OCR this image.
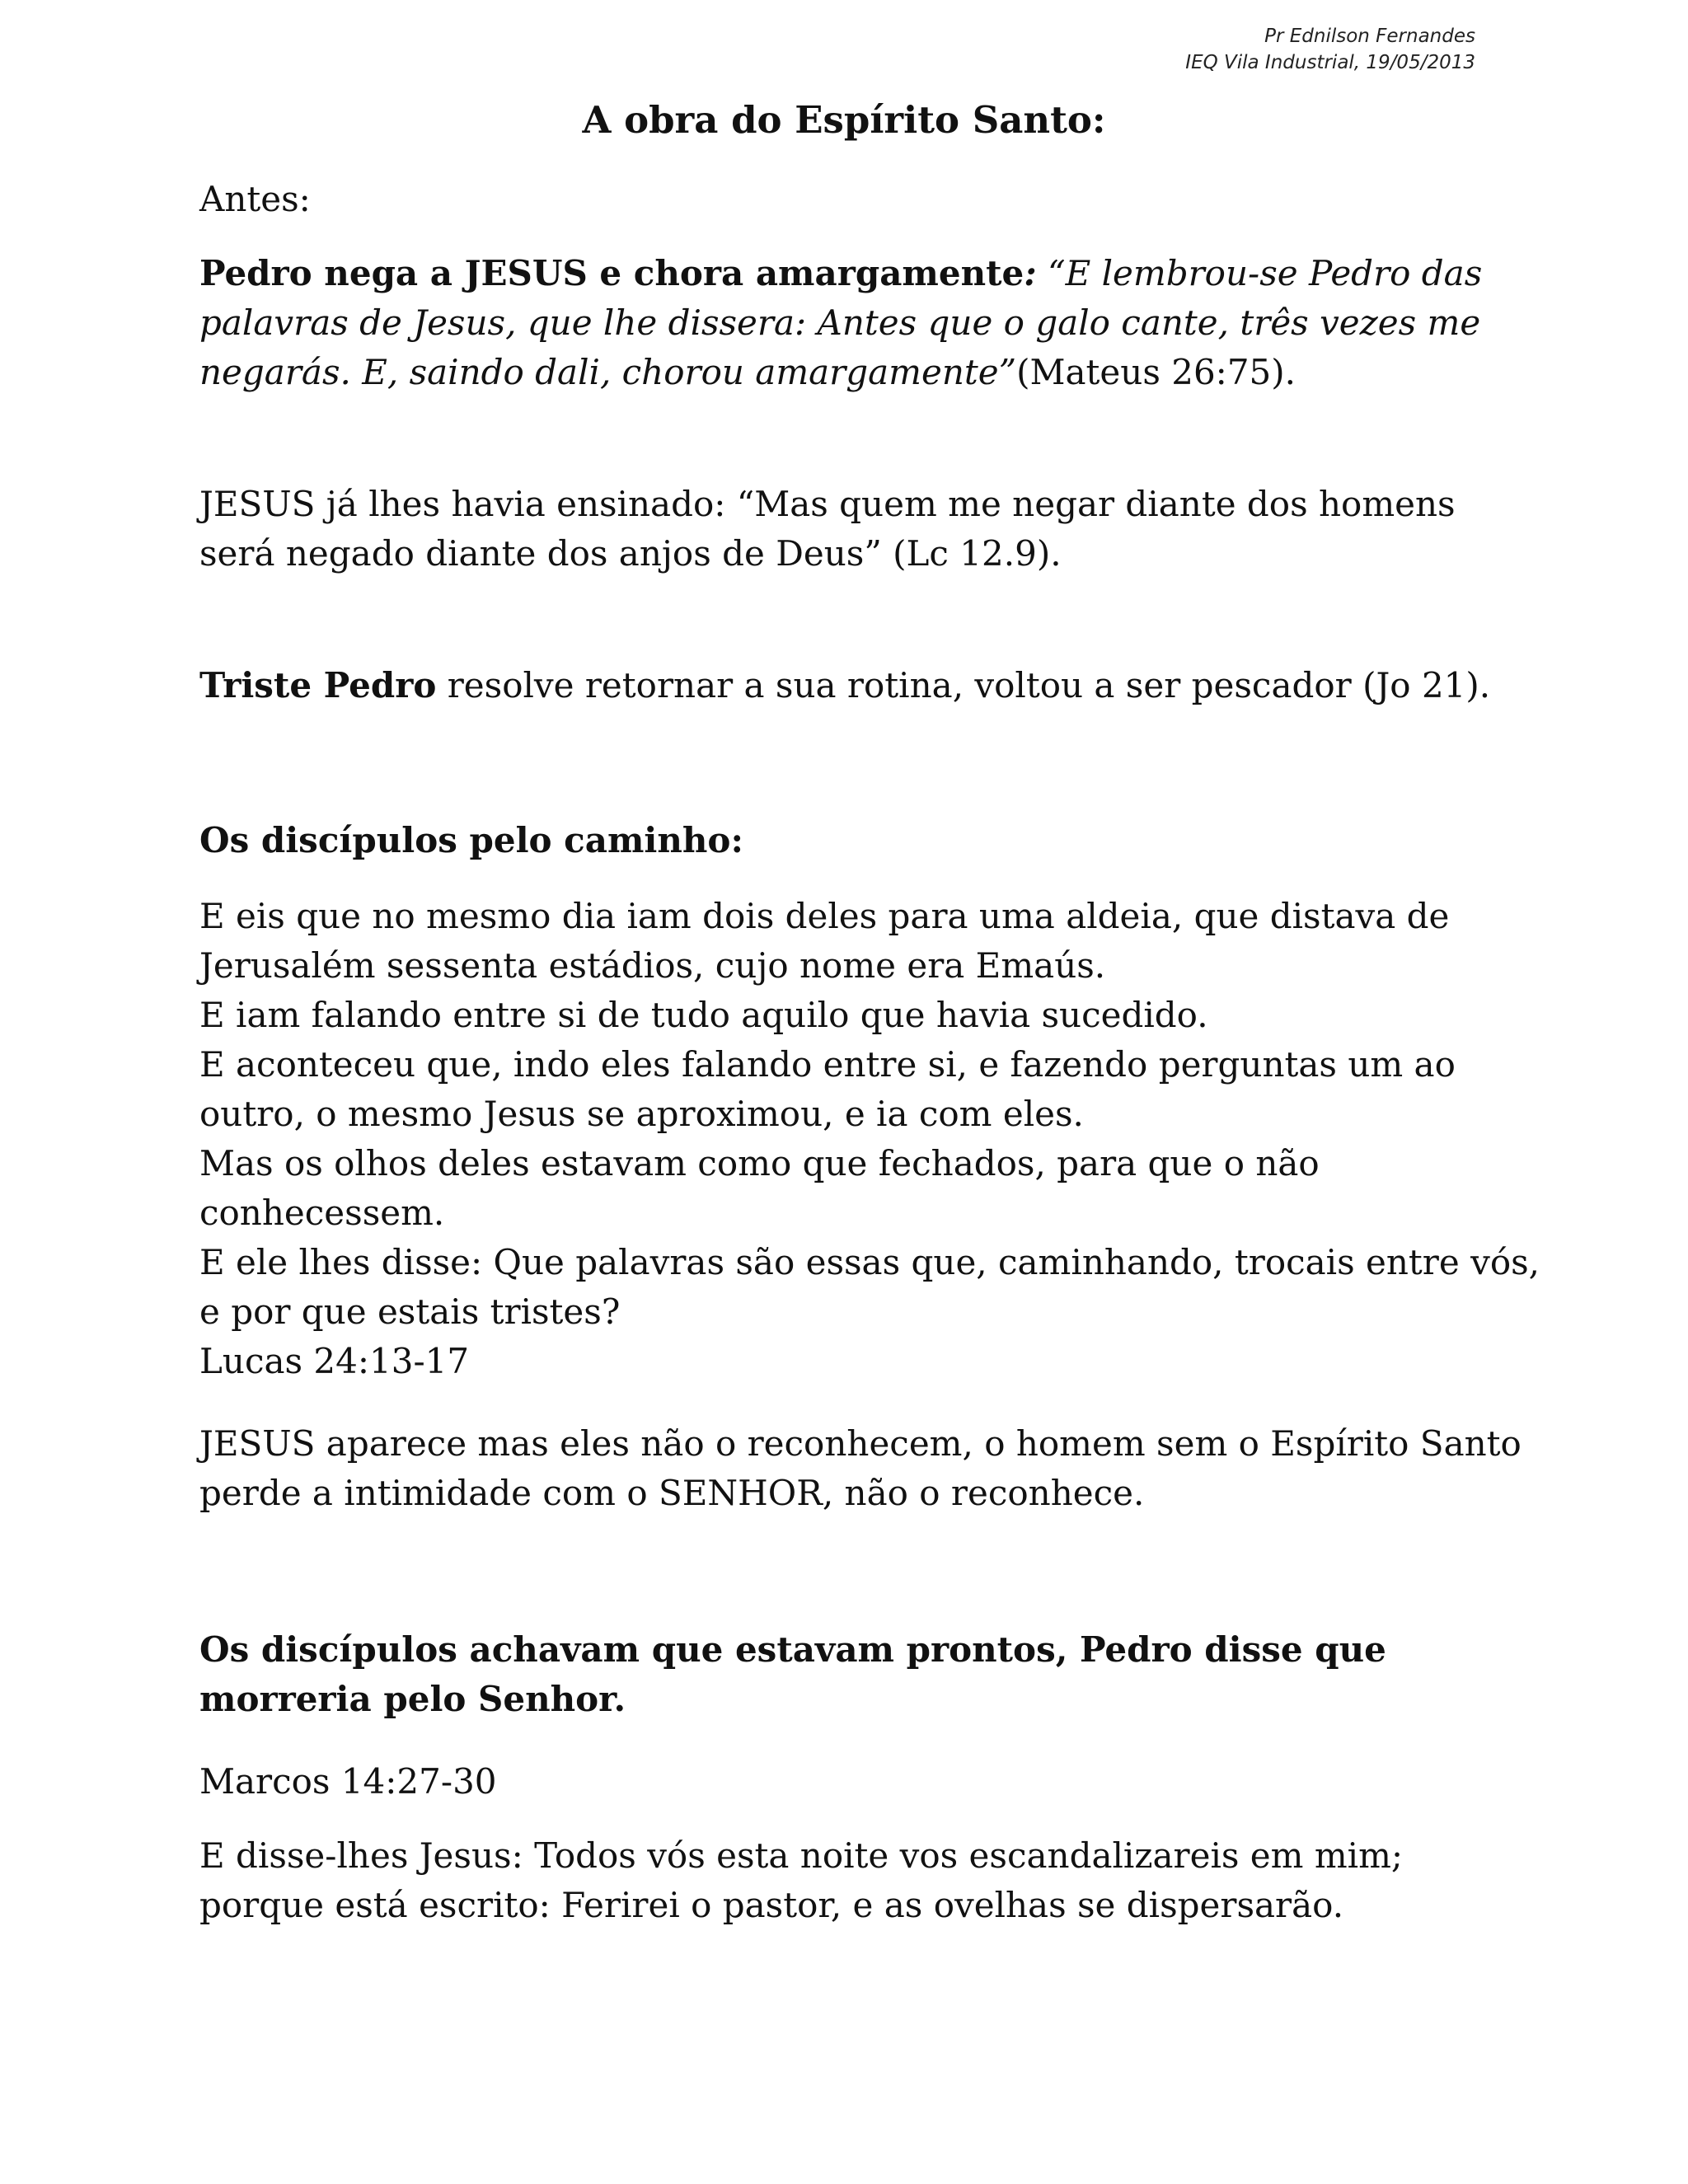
Pr Ednilson Fernandes
IEQ Vila Industrial, 19/05/2013
A obra do Espírito Santo:

Antes:

Pedro nega a JESUS e chora amargamente: “E lembrou-se Pedro das

palavras de Jesus, que lhe dissera: Antes que o galo cante, três vezes me

negarás. E, saindo dali, chorou amargamente”(Mateus 26:75).

JESUS já lhes havia ensinado: “Mas quem me negar diante dos homens

será negado diante dos anjos de Deus” (Lc 12.9).

Triste Pedro resolve retornar a sua rotina, voltou a ser pescador (Jo 21).

Os discípulos pelo caminho:

E eis que no mesmo dia iam dois deles para uma aldeia, que distava de

Jerusalém sessenta estádios, cujo nome era Emaús.

E iam falando entre si de tudo aquilo que havia sucedido.

E aconteceu que, indo eles falando entre si, e fazendo perguntas um ao

outro, o mesmo Jesus se aproximou, e ia com eles.

Mas os olhos deles estavam como que fechados, para que o não

conhecessem.

E ele lhes disse: Que palavras são essas que, caminhando, trocais entre vós,

e por que estais tristes?

Lucas 24:13-17

JESUS aparece mas eles não o reconhecem, o homem sem o Espírito Santo

perde a intimidade com o SENHOR, não o reconhece.

Os discípulos achavam que estavam prontos, Pedro disse que

morreria pelo Senhor.

Marcos 14:27-30

E disse-lhes Jesus: Todos vós esta noite vos escandalizareis em mim;

porque está escrito: Ferirei o pastor, e as ovelhas se dispersarão.
